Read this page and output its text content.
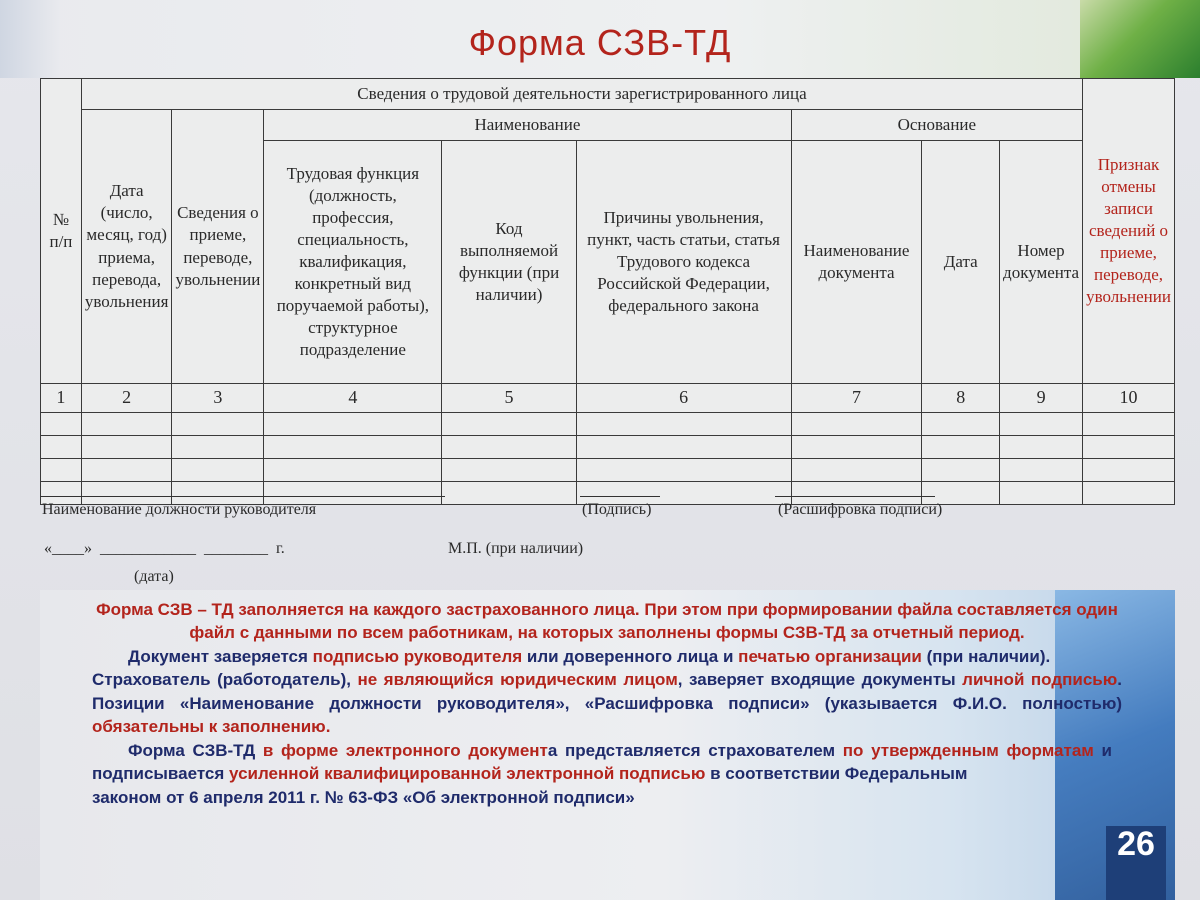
Форма СЗВ-ТД
№ п/п	Сведения о трудовой деятельности зарегистрированного лица								Признак отмены записи сведений о приеме, переводе, увольнении
	Дата (число, месяц, год) приема, перевода, увольнения	Сведения о приеме, переводе, увольнении	Наименование			Основание			
			Трудовая функция (должность, профессия, специальность, квалификация, конкретный вид поручаемой работы), структурное подразделение	Код выполняемой функции (при наличии)	Причины увольнения, пункт, часть статьи, статья Трудового кодекса Российской Федерации, федерального закона	Наименование документа	Дата	Номер документа	

1	2	3	4	5	6	7	8	9	10

Наименование должности руководителя	(Подпись)	(Расшифровка подписи)
«____»  ____________  ________  г.
(дата)
М.П. (при наличии)

Форма СЗВ – ТД заполняется на каждого застрахованного лица. При этом при формировании файла составляется один файл с данными по всем работникам, на которых заполнены формы СЗВ-ТД за отчетный период.

Документ заверяется подписью руководителя или доверенного лица и печатью организации (при наличии).

Страхователь (работодатель), не являющийся юридическим лицом, заверяет входящие документы личной подписью. Позиции «Наименование должности руководителя», «Расшифровка подписи» (указывается Ф.И.О. полностью) обязательны к заполнению.

Форма СЗВ-ТД в форме электронного документа представляется страхователем по утвержденным форматам и подписывается усиленной квалифицированной электронной подписью в соответствии Федеральным

законом от 6 апреля 2011 г. № 63-ФЗ «Об электронной подписи»

26
